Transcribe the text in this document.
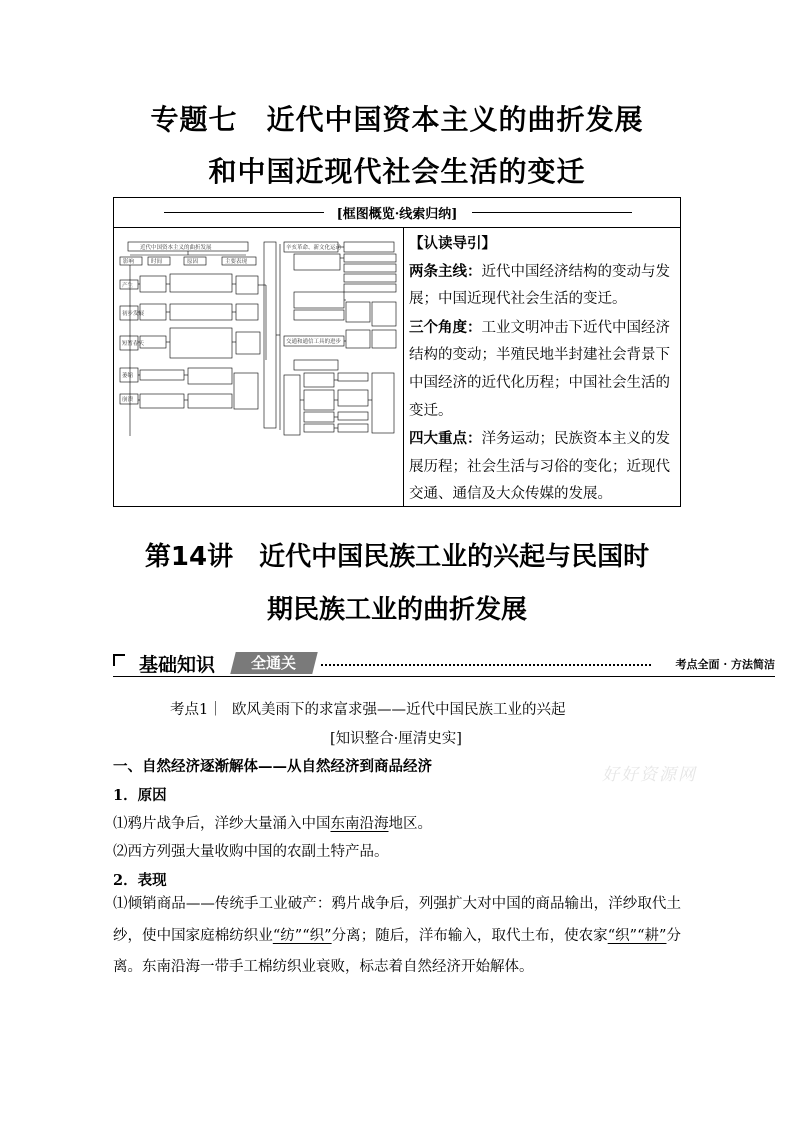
专题七　近代中国资本主义的曲折发展
和中国近现代社会生活的变迁
[框图概览·线索归纳]
近代中国资本主义的曲折发展
影响	时间	原因	主要表现
产生
初步发展
短暂春天
萎缩
崩溃
辛亥革命、新文化运动
交通和通信工具的进步
【认读导引】
两条主线：近代中国经济结构的变动与发展；中国近现代社会生活的变迁。
三个角度：工业文明冲击下近代中国经济结构的变动；半殖民地半封建社会背景下中国经济的近代化历程；中国社会生活的变迁。
四大重点：洋务运动；民族资本主义的发展历程；社会生活与习俗的变化；近现代交通、通信及大众传媒的发展。
第14讲　近代中国民族工业的兴起与民国时
期民族工业的曲折发展
基础知识	全通关	考点全面 · 方法简洁
考点1｜ 欧风美雨下的求富求强——近代中国民族工业的兴起
[知识整合·厘清史实]
好好资源网
一、自然经济逐渐解体——从自然经济到商品经济
1．原因
⑴鸦片战争后，洋纱大量涌入中国东南沿海地区。
⑵西方列强大量收购中国的农副土特产品。
2．表现
⑴倾销商品——传统手工业破产：鸦片战争后，列强扩大对中国的商品输出，洋纱取代土纱，使中国家庭棉纺织业“纺”“织”分离；随后，洋布输入，取代土布，使农家“织”“耕”分离。东南沿海一带手工棉纺织业衰败，标志着自然经济开始解体。
